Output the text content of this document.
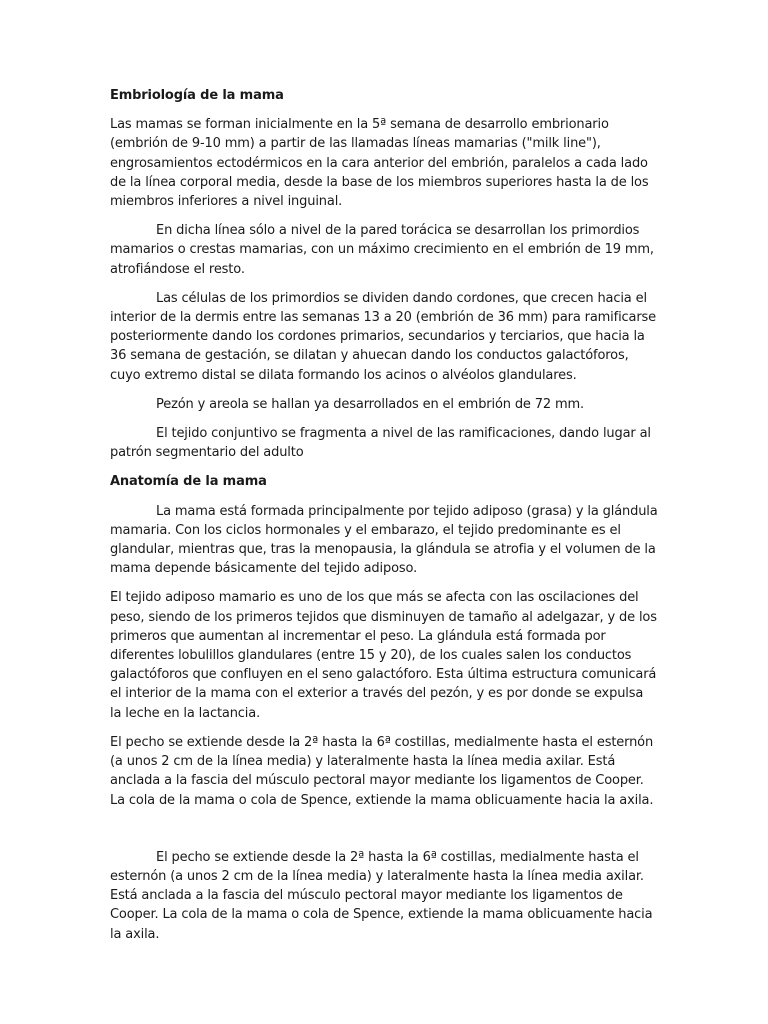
Embriología de la mama

Las mamas se forman inicialmente en la 5ª semana de desarrollo embrionario (embrión de 9-10 mm) a partir de las llamadas líneas mamarias ("milk line"), engrosamientos ectodérmicos en la cara anterior del embrión, paralelos a cada lado de la línea corporal media, desde la base de los miembros superiores hasta la de los miembros inferiores a nivel inguinal.

En dicha línea sólo a nivel de la pared torácica se desarrollan los primordios mamarios o crestas mamarias, con un máximo crecimiento en el embrión de 19 mm, atrofiándose el resto.

Las células de los primordios se dividen dando cordones, que crecen hacia el interior de la dermis entre las semanas 13 a 20 (embrión de 36 mm) para ramificarse posteriormente dando los cordones primarios, secundarios y terciarios, que hacia la 36 semana de gestación, se dilatan y ahuecan dando los conductos galactóforos, cuyo extremo distal se dilata formando los acinos o alvéolos glandulares.

Pezón y areola se hallan ya desarrollados en el embrión de 72 mm.

El tejido conjuntivo se fragmenta a nivel de las ramificaciones, dando lugar al patrón segmentario del adulto

Anatomía de la mama

La mama está formada principalmente por tejido adiposo (grasa) y la glándula mamaria. Con los ciclos hormonales y el embarazo, el tejido predominante es el glandular, mientras que, tras la menopausia, la glándula se atrofia y el volumen de la mama depende básicamente del tejido adiposo.

El tejido adiposo mamario es uno de los que más se afecta con las oscilaciones del peso, siendo de los primeros tejidos que disminuyen de tamaño al adelgazar, y de los primeros que aumentan al incrementar el peso. La glándula está formada por diferentes lobulillos glandulares (entre 15 y 20), de los cuales salen los conductos galactóforos que confluyen en el seno galactóforo. Esta última estructura comunicará el interior de la mama con el exterior a través del pezón, y es por donde se expulsa la leche en la lactancia.

El pecho se extiende desde la 2ª hasta la 6ª costillas, medialmente hasta el esternón (a unos 2 cm de la línea media) y lateralmente hasta la línea media axilar. Está anclada a la fascia del músculo pectoral mayor mediante los ligamentos de Cooper. La cola de la mama o cola de Spence, extiende la mama oblicuamente hacia la axila.

El pecho se extiende desde la 2ª hasta la 6ª costillas, medialmente hasta el esternón (a unos 2 cm de la línea media) y lateralmente hasta la línea media axilar. Está anclada a la fascia del músculo pectoral mayor mediante los ligamentos de Cooper. La cola de la mama o cola de Spence, extiende la mama oblicuamente hacia la axila.
